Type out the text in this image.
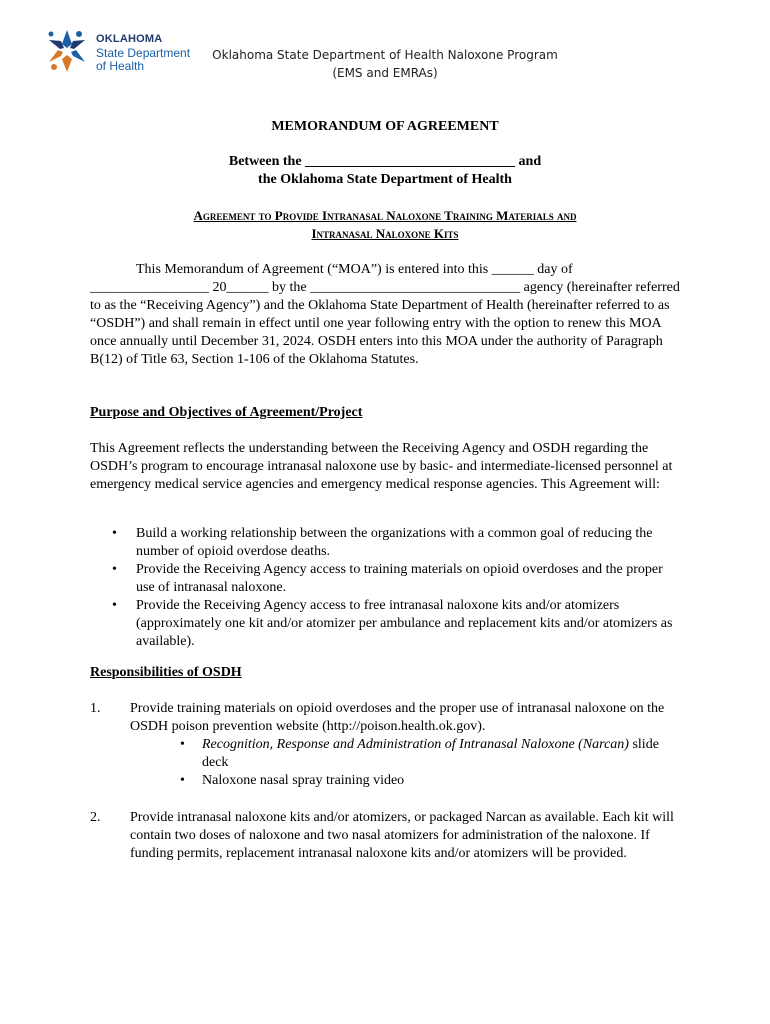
OKLAHOMA
State Department
of Health
Oklahoma State Department of Health Naloxone Program
(EMS and EMRAs)
MEMORANDUM OF AGREEMENT
Between the ______________________________ and
the Oklahoma State Department of Health
Agreement to Provide Intranasal Naloxone Training Materials and
Intranasal Naloxone Kits
This Memorandum of Agreement (“MOA”) is entered into this ______ day of _________________ 20______ by the ______________________________ agency (hereinafter referred to as the “Receiving Agency”) and the Oklahoma State Department of Health (hereinafter referred to as “OSDH”) and shall remain in effect until one year following entry with the option to renew this MOA once annually until December 31, 2024. OSDH enters into this MOA under the authority of Paragraph B(12) of Title 63, Section 1-106 of the Oklahoma Statutes.
Purpose and Objectives of Agreement/Project
This Agreement reflects the understanding between the Receiving Agency and OSDH regarding the OSDH’s program to encourage intranasal naloxone use by basic- and intermediate-licensed personnel at emergency medical service agencies and emergency medical response agencies. This Agreement will:
• Build a working relationship between the organizations with a common goal of reducing the number of opioid overdose deaths.
• Provide the Receiving Agency access to training materials on opioid overdoses and the proper use of intranasal naloxone.
• Provide the Receiving Agency access to free intranasal naloxone kits and/or atomizers (approximately one kit and/or atomizer per ambulance and replacement kits and/or atomizers as available).
Responsibilities of OSDH
1. Provide training materials on opioid overdoses and the proper use of intranasal naloxone on the OSDH poison prevention website (http://poison.health.ok.gov).
• Recognition, Response and Administration of Intranasal Naloxone (Narcan) slide deck
• Naloxone nasal spray training video
2. Provide intranasal naloxone kits and/or atomizers, or packaged Narcan as available. Each kit will contain two doses of naloxone and two nasal atomizers for administration of the naloxone. If funding permits, replacement intranasal naloxone kits and/or atomizers will be provided.
